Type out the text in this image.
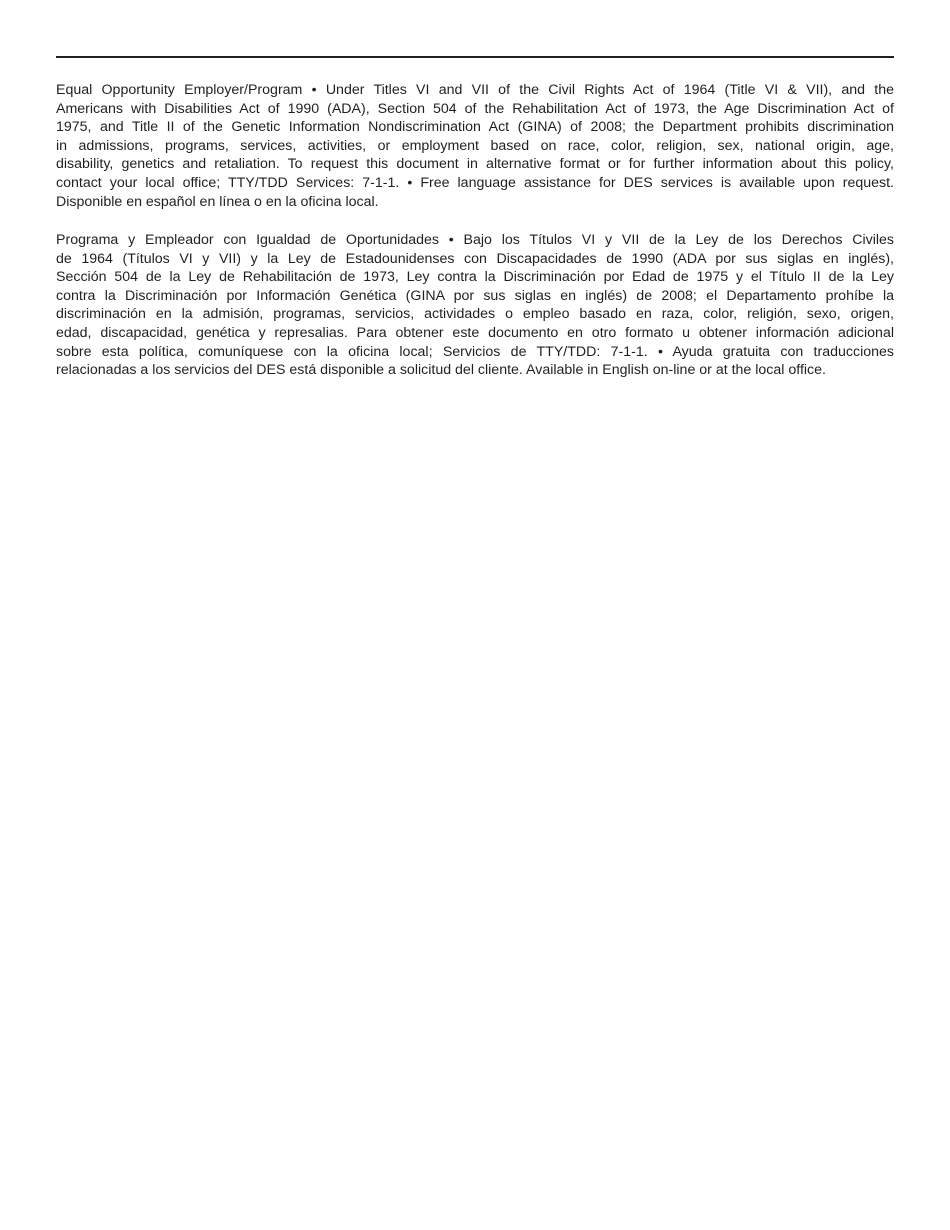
Equal Opportunity Employer/Program • Under Titles VI and VII of the Civil Rights Act of 1964 (Title VI & VII), and the
Americans with Disabilities Act of 1990 (ADA), Section 504 of the Rehabilitation Act of 1973, the Age Discrimination Act of
1975, and Title II of the Genetic Information Nondiscrimination Act (GINA) of 2008; the Department prohibits discrimination
in admissions, programs, services, activities, or employment based on race, color, religion, sex, national origin, age,
disability, genetics and retaliation. To request this document in alternative format or for further information about this policy,
contact your local office; TTY/TDD Services: 7-1-1. • Free language assistance for DES services is available upon request.
Disponible en español en línea o en la oficina local.
Programa y Empleador con Igualdad de Oportunidades • Bajo los Títulos VI y VII de la Ley de los Derechos Civiles
de 1964 (Títulos VI y VII) y la Ley de Estadounidenses con Discapacidades de 1990 (ADA por sus siglas en inglés),
Sección 504 de la Ley de Rehabilitación de 1973, Ley contra la Discriminación por Edad de 1975 y el Título II de la Ley
contra la Discriminación por Información Genética (GINA por sus siglas en inglés) de 2008; el Departamento prohíbe la
discriminación en la admisión, programas, servicios, actividades o empleo basado en raza, color, religión, sexo, origen,
edad, discapacidad, genética y represalias. Para obtener este documento en otro formato u obtener información adicional
sobre esta política, comuníquese con la oficina local; Servicios de TTY/TDD: 7-1-1. • Ayuda gratuita con traducciones
relacionadas a los servicios del DES está disponible a solicitud del cliente. Available in English on-line or at the local office.
